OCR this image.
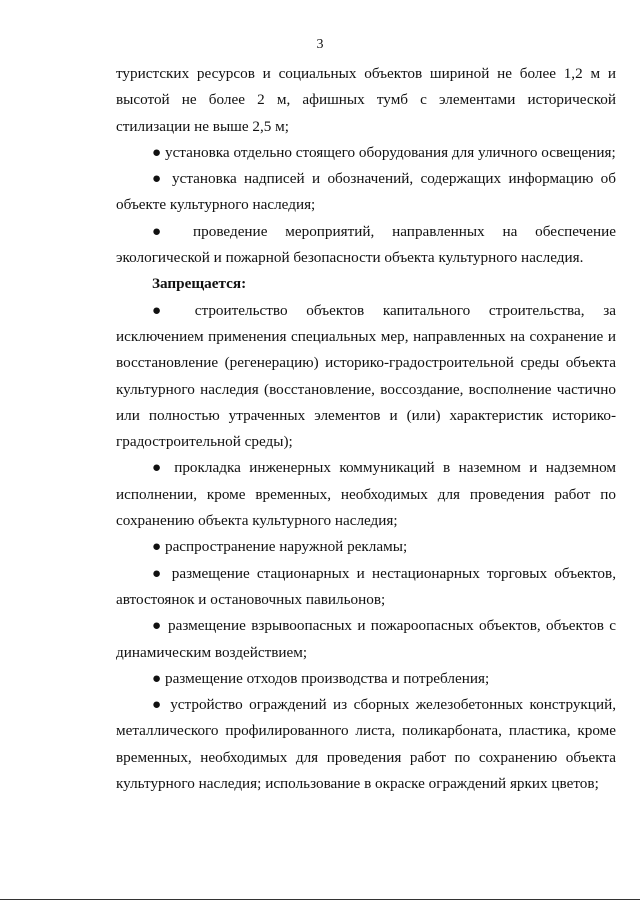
3

туристских ресурсов и социальных объектов шириной не более 1,2 м и высотой не более 2 м, афишных тумб с элементами исторической стилизации не выше 2,5 м;

● установка отдельно стоящего оборудования для уличного освещения;

● установка надписей и обозначений, содержащих информацию об объекте культурного наследия;

● проведение мероприятий, направленных на обеспечение экологической и пожарной безопасности объекта культурного наследия.

Запрещается:

● строительство объектов капитального строительства, за исключением применения специальных мер, направленных на сохранение и восстановление (регенерацию) историко-градостроительной среды объекта культурного наследия (восстановление, воссоздание, восполнение частично или полностью утраченных элементов и (или) характеристик историко-градостроительной среды);

● прокладка инженерных коммуникаций в наземном и надземном исполнении, кроме временных, необходимых для проведения работ по сохранению объекта культурного наследия;

● распространение наружной рекламы;

● размещение стационарных и нестационарных торговых объектов, автостоянок и остановочных павильонов;

● размещение взрывоопасных и пожароопасных объектов, объектов с динамическим воздействием;

● размещение отходов производства и потребления;

● устройство ограждений из сборных железобетонных конструкций, металлического профилированного листа, поликарбоната, пластика, кроме временных, необходимых для проведения работ по сохранению объекта культурного наследия; использование в окраске ограждений ярких цветов;
